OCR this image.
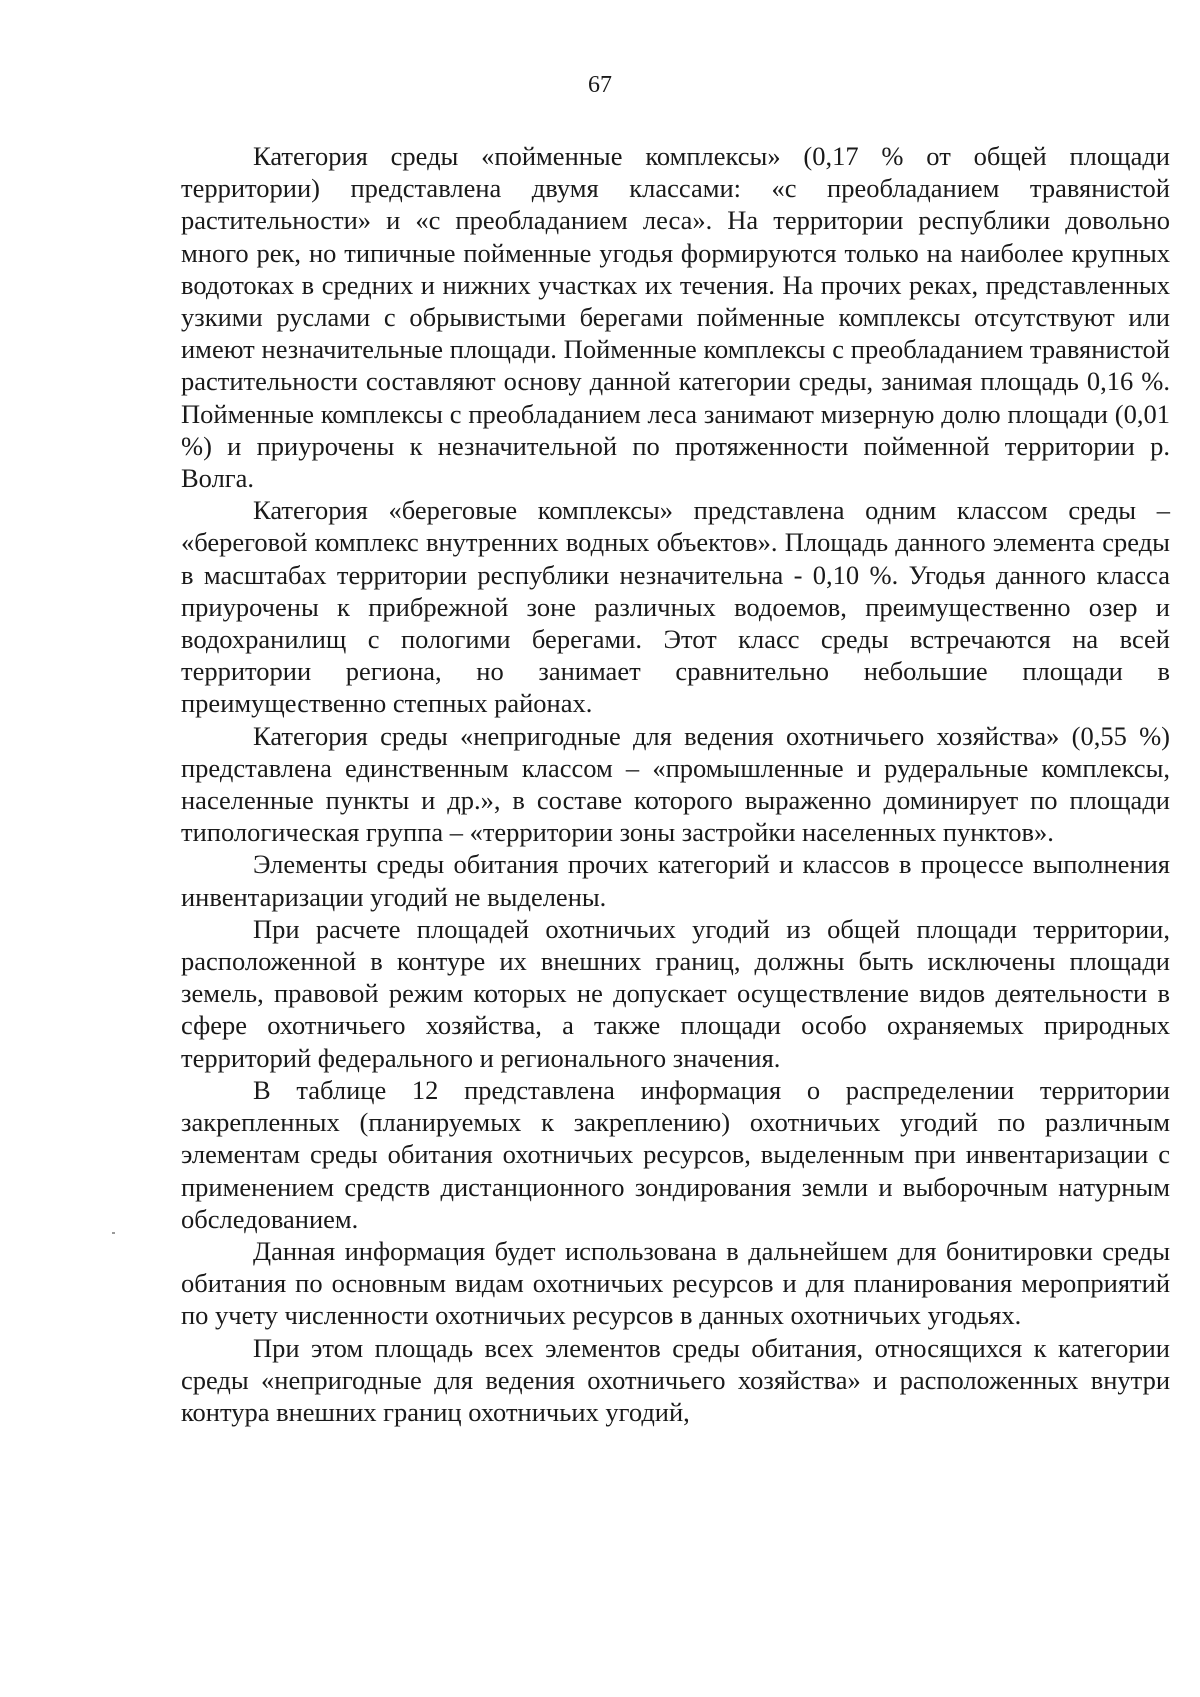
67

Категория среды «пойменные комплексы» (0,17 % от общей площади территории) представлена двумя классами: «с преобладанием травянистой растительности» и «с преобладанием леса». На территории республики довольно много рек, но типичные пойменные угодья формируются только на наиболее крупных водотоках в средних и нижних участках их течения. На прочих реках, представленных узкими руслами с обрывистыми берегами пойменные комплексы отсутствуют или имеют незначительные площади. Пойменные комплексы с преобладанием травянистой растительности составляют основу данной категории среды, занимая площадь 0,16 %. Пойменные комплексы с преобладанием леса занимают мизерную долю площади (0,01 %) и приурочены к незначительной по протяженности пойменной территории р. Волга.

Категория «береговые комплексы» представлена одним классом среды – «береговой комплекс внутренних водных объектов». Площадь данного элемента среды в масштабах территории республики незначительна - 0,10 %. Угодья данного класса приурочены к прибрежной зоне различных водоемов, преимущественно озер и водохранилищ с пологими берегами. Этот класс среды встречаются на всей территории региона, но занимает сравнительно небольшие площади в преимущественно степных районах.

Категория среды «непригодные для ведения охотничьего хозяйства» (0,55 %) представлена единственным классом – «промышленные и рудеральные комплексы, населенные пункты и др.», в составе которого выраженно доминирует по площади типологическая группа – «территории зоны застройки населенных пунктов».

Элементы среды обитания прочих категорий и классов в процессе выполнения инвентаризации угодий не выделены.

При расчете площадей охотничьих угодий из общей площади территории, расположенной в контуре их внешних границ, должны быть исключены площади земель, правовой режим которых не допускает осуществление видов деятельности в сфере охотничьего хозяйства, а также площади особо охраняемых природных территорий федерального и регионального значения.

В таблице 12 представлена информация о распределении территории закрепленных (планируемых к закреплению) охотничьих угодий по различным элементам среды обитания охотничьих ресурсов, выделенным при инвентаризации с применением средств дистанционного зондирования земли и выборочным натурным обследованием.

Данная информация будет использована в дальнейшем для бонитировки среды обитания по основным видам охотничьих ресурсов и для планирования мероприятий по учету численности охотничьих ресурсов в данных охотничьих угодьях.

При этом площадь всех элементов среды обитания, относящихся к категории среды «непригодные для ведения охотничьего хозяйства» и расположенных внутри контура внешних границ охотничьих угодий,
